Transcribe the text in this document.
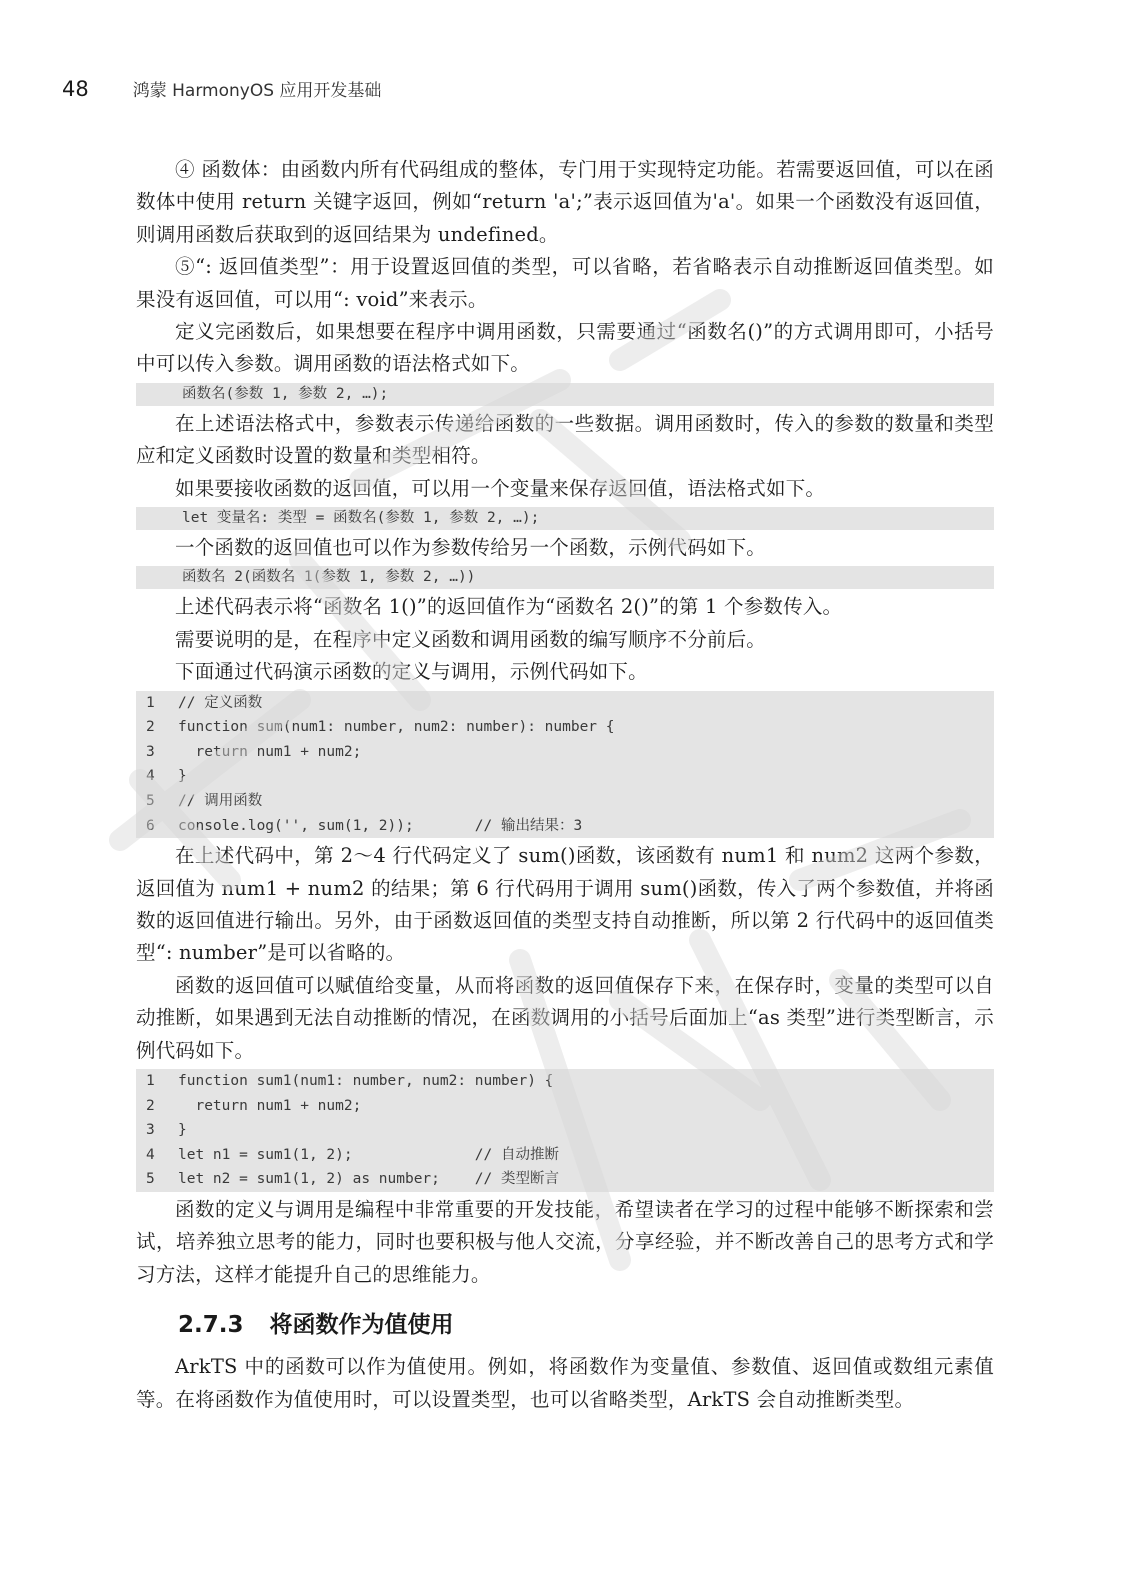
48	鸿蒙 HarmonyOS 应用开发基础

④ 函数体：由函数内所有代码组成的整体，专门用于实现特定功能。若需要返回值，可以在函数体中使用 return 关键字返回，例如“return 'a';”表示返回值为'a'。如果一个函数没有返回值，则调用函数后获取到的返回结果为 undefined。

⑤“: 返回值类型”：用于设置返回值的类型，可以省略，若省略表示自动推断返回值类型。如果没有返回值，可以用“: void”来表示。

定义完函数后，如果想要在程序中调用函数，只需要通过“函数名()”的方式调用即可，小括号中可以传入参数。调用函数的语法格式如下。

函数名(参数 1, 参数 2, …);

在上述语法格式中，参数表示传递给函数的一些数据。调用函数时，传入的参数的数量和类型应和定义函数时设置的数量和类型相符。

如果要接收函数的返回值，可以用一个变量来保存返回值，语法格式如下。

let 变量名: 类型 = 函数名(参数 1, 参数 2, …);

一个函数的返回值也可以作为参数传给另一个函数，示例代码如下。

函数名 2(函数名 1(参数 1, 参数 2, …))

上述代码表示将“函数名 1()”的返回值作为“函数名 2()”的第 1 个参数传入。

需要说明的是，在程序中定义函数和调用函数的编写顺序不分前后。

下面通过代码演示函数的定义与调用，示例代码如下。

1	// 定义函数
2	function sum(num1: number, num2: number): number {
3	return num1 + num2;
4	}
5	// 调用函数
6	console.log('', sum(1, 2));       // 输出结果：3

在上述代码中，第 2～4 行代码定义了 sum()函数，该函数有 num1 和 num2 这两个参数，返回值为 num1 + num2 的结果；第 6 行代码用于调用 sum()函数，传入了两个参数值，并将函数的返回值进行输出。另外，由于函数返回值的类型支持自动推断，所以第 2 行代码中的返回值类型“: number”是可以省略的。

函数的返回值可以赋值给变量，从而将函数的返回值保存下来，在保存时，变量的类型可以自动推断，如果遇到无法自动推断的情况，在函数调用的小括号后面加上“as 类型”进行类型断言，示例代码如下。

1	function sum1(num1: number, num2: number) {
2	return num1 + num2;
3	}
4	let n1 = sum1(1, 2);              // 自动推断
5	let n2 = sum1(1, 2) as number;    // 类型断言

函数的定义与调用是编程中非常重要的开发技能，希望读者在学习的过程中能够不断探索和尝试，培养独立思考的能力，同时也要积极与他人交流，分享经验，并不断改善自己的思考方式和学习方法，这样才能提升自己的思维能力。

2.7.3 将函数作为值使用

ArkTS 中的函数可以作为值使用。例如，将函数作为变量值、参数值、返回值或数组元素值等。在将函数作为值使用时，可以设置类型，也可以省略类型，ArkTS 会自动推断类型。
